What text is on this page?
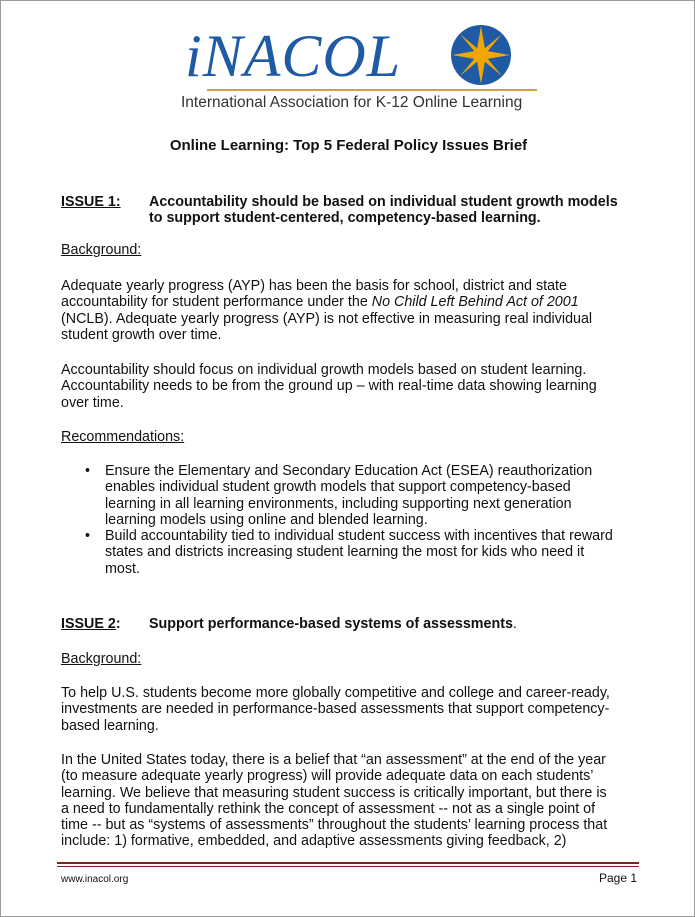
iNACOL
International Association for K-12 Online Learning
Online Learning: Top 5 Federal Policy Issues Brief
ISSUE 1: Accountability should be based on individual student growth models
to support student-centered, competency-based learning.
Background:
Adequate yearly progress (AYP) has been the basis for school, district and state
accountability for student performance under the No Child Left Behind Act of 2001
(NCLB). Adequate yearly progress (AYP) is not effective in measuring real individual
student growth over time.
Accountability should focus on individual growth models based on student learning.
Accountability needs to be from the ground up – with real-time data showing learning
over time.
Recommendations:
• Ensure the Elementary and Secondary Education Act (ESEA) reauthorization
enables individual student growth models that support competency-based
learning in all learning environments, including supporting next generation
learning models using online and blended learning.
• Build accountability tied to individual student success with incentives that reward
states and districts increasing student learning the most for kids who need it
most.
ISSUE 2: Support performance-based systems of assessments.
Background:
To help U.S. students become more globally competitive and college and career-ready,
investments are needed in performance-based assessments that support competency-
based learning.
In the United States today, there is a belief that “an assessment” at the end of the year
(to measure adequate yearly progress) will provide adequate data on each students’
learning. We believe that measuring student success is critically important, but there is
a need to fundamentally rethink the concept of assessment -- not as a single point of
time -- but as “systems of assessments” throughout the students’ learning process that
include: 1) formative, embedded, and adaptive assessments giving feedback, 2)
www.inacol.org	Page 1
